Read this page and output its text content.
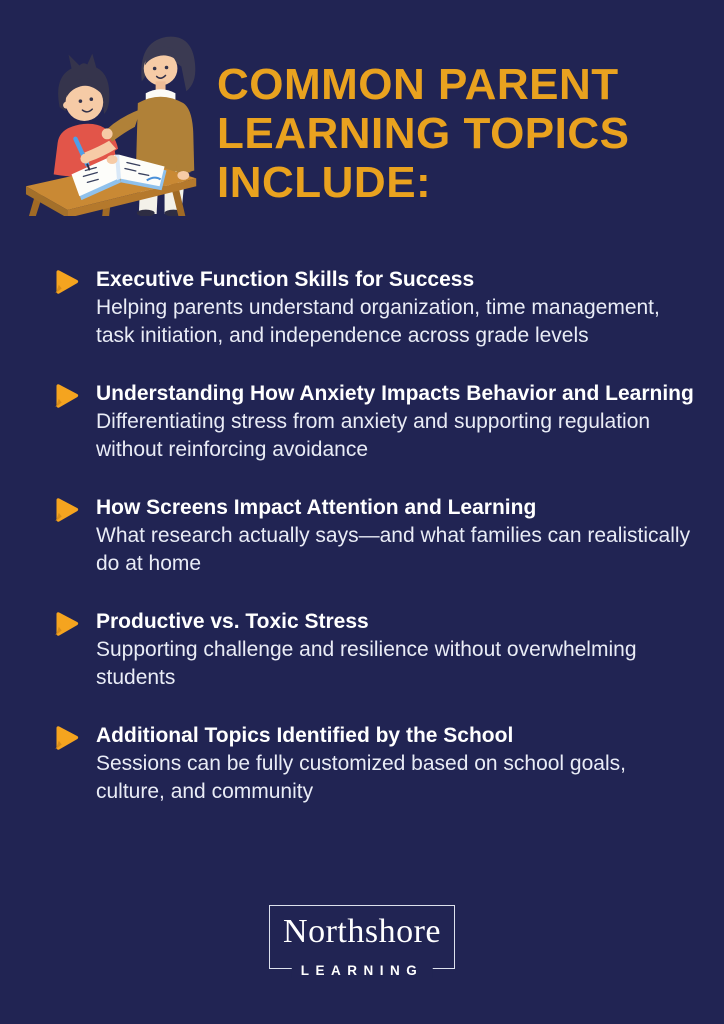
COMMON PARENT LEARNING TOPICS INCLUDE:
Executive Function Skills for Success
Helping parents understand organization, time management, task initiation, and independence across grade levels
Understanding How Anxiety Impacts Behavior and Learning
Differentiating stress from anxiety and supporting regulation without reinforcing avoidance
How Screens Impact Attention and Learning
What research actually says—and what families can realistically do at home
Productive vs. Toxic Stress
Supporting challenge and resilience without overwhelming students
Additional Topics Identified by the School
Sessions can be fully customized based on school goals, culture, and community
Northshore
LEARNING
